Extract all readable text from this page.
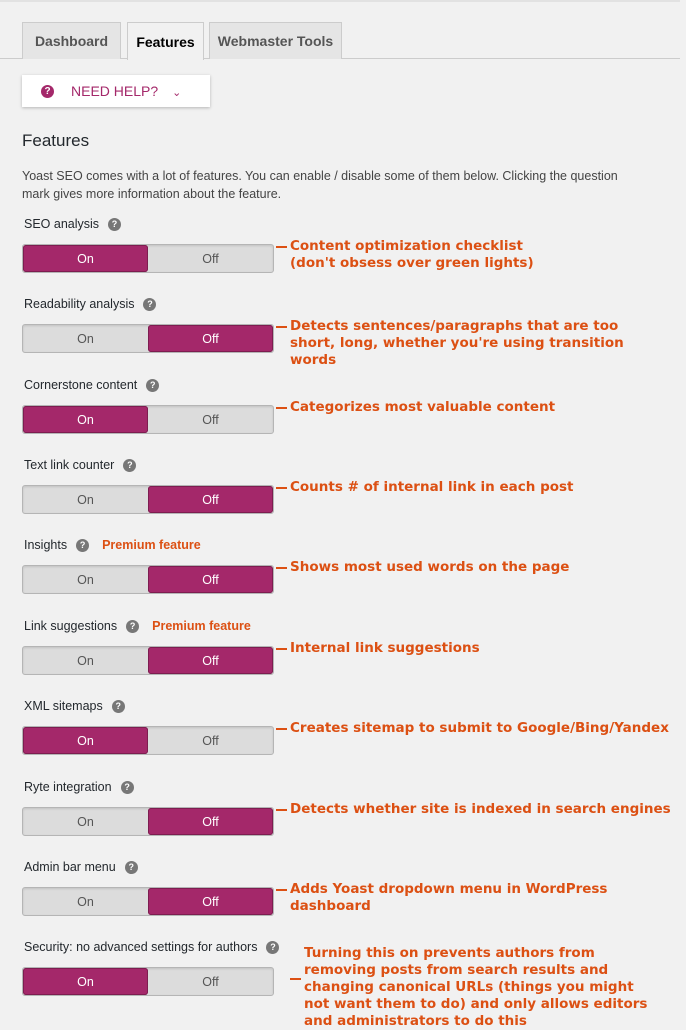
Dashboard	Features	Webmaster Tools
? NEED HELP? ⌄
Features

Yoast SEO comes with a lot of features. You can enable / disable some of them below. Clicking the question mark gives more information about the feature.

SEO analysis	?
On	Off
Content optimization checklist
(don't obsess over green lights)
Readability analysis	?
On	Off
Detects sentences/paragraphs that are too short, long, whether you're using transition words
Cornerstone content	?
On	Off
Categorizes most valuable content
Text link counter	?
On	Off
Counts # of internal link in each post
Insights	?	Premium feature
On	Off
Shows most used words on the page
Link suggestions	?	Premium feature
On	Off
Internal link suggestions
XML sitemaps	?
On	Off
Creates sitemap to submit to Google/Bing/Yandex
Ryte integration	?
On	Off
Detects whether site is indexed in search engines
Admin bar menu	?
On	Off
Adds Yoast dropdown menu in WordPress dashboard
Security: no advanced settings for authors	?
On	Off
Turning this on prevents authors from removing posts from search results and changing canonical URLs (things you might not want them to do) and only allows editors and administrators to do this
